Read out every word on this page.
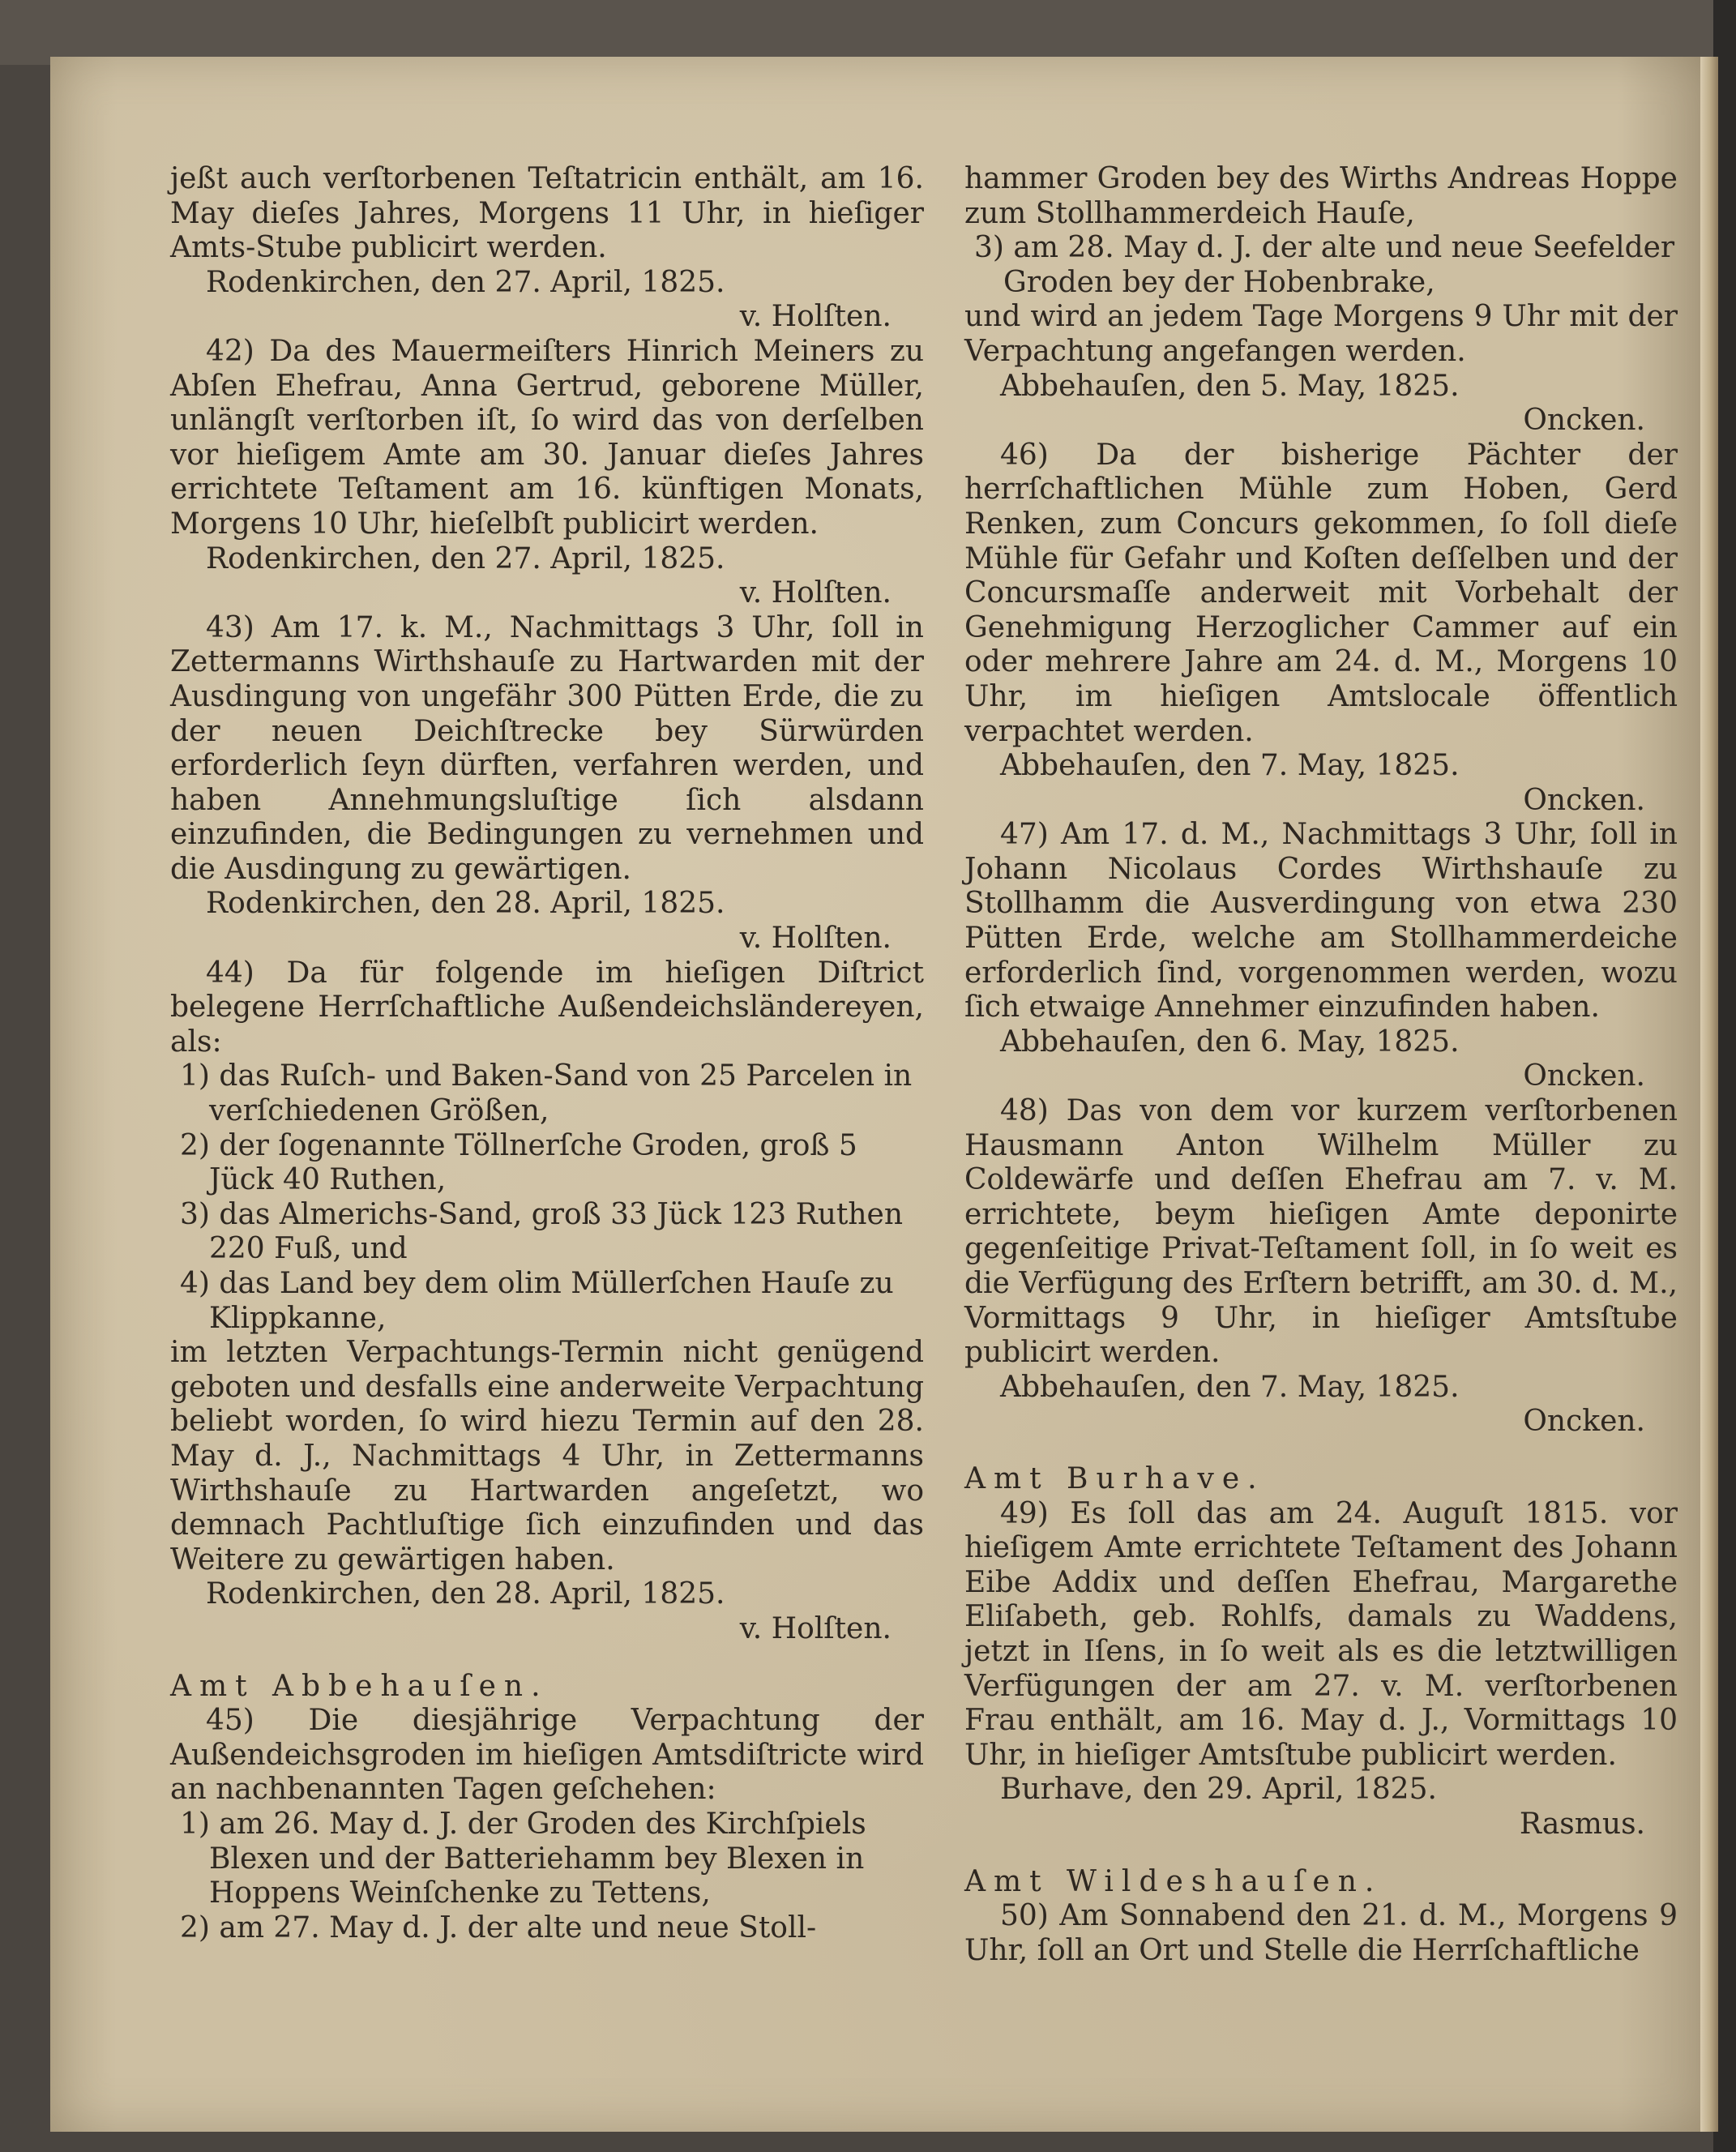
jeßt auch verſtorbenen Teſtatricin enthält, am 16. May dieſes Jahres, Morgens 11 Uhr, in hieſiger Amts-Stube publicirt werden.

Rodenkirchen, den 27. April, 1825.

v. Holſten.

42) Da des Mauermeiſters Hinrich Meiners zu Abſen Ehefrau, Anna Gertrud, geborene Müller, unlängſt verſtorben iſt, ſo wird das von derſelben vor hieſigem Amte am 30. Januar dieſes Jahres errichtete Teſtament am 16. künftigen Monats, Morgens 10 Uhr, hieſelbſt publicirt werden.

Rodenkirchen, den 27. April, 1825.

v. Holſten.

43) Am 17. k. M., Nachmittags 3 Uhr, ſoll in Zettermanns Wirthshauſe zu Hartwarden mit der Ausdingung von ungefähr 300 Pütten Erde, die zu der neuen Deichſtrecke bey Sürwürden erforderlich ſeyn dürften, verfahren werden, und haben Annehmungsluſtige ſich alsdann einzufinden, die Bedingungen zu vernehmen und die Ausdingung zu gewärtigen.

Rodenkirchen, den 28. April, 1825.

v. Holſten.

44) Da für folgende im hieſigen Diſtrict belegene Herrſchaftliche Außendeichsländereyen, als:

1) das Ruſch- und Baken-Sand von 25 Parcelen in verſchiedenen Größen,

2) der ſogenannte Töllnerſche Groden, groß 5 Jück 40 Ruthen,

3) das Almerichs-Sand, groß 33 Jück 123 Ruthen 220 Fuß, und

4) das Land bey dem olim Müllerſchen Hauſe zu Klippkanne,

im letzten Verpachtungs-Termin nicht genügend geboten und desfalls eine anderweite Verpachtung beliebt worden, ſo wird hiezu Termin auf den 28. May d. J., Nachmittags 4 Uhr, in Zettermanns Wirthshauſe zu Hartwarden angeſetzt, wo demnach Pachtluſtige ſich einzufinden und das Weitere zu gewärtigen haben.

Rodenkirchen, den 28. April, 1825.

v. Holſten.

Amt Abbehauſen.

45) Die diesjährige Verpachtung der Außendeichsgroden im hieſigen Amtsdiſtricte wird an nachbenannten Tagen geſchehen:

1) am 26. May d. J. der Groden des Kirchſpiels Blexen und der Batteriehamm bey Blexen in Hoppens Weinſchenke zu Tettens,

2) am 27. May d. J. der alte und neue Stoll-

hammer Groden bey des Wirths Andreas Hoppe zum Stollhammerdeich Hauſe,

3) am 28. May d. J. der alte und neue Seefelder Groden bey der Hobenbrake,

und wird an jedem Tage Morgens 9 Uhr mit der Verpachtung angefangen werden.

Abbehauſen, den 5. May, 1825.

Oncken.

46) Da der bisherige Pächter der herrſchaftlichen Mühle zum Hoben, Gerd Renken, zum Concurs gekommen, ſo ſoll dieſe Mühle für Gefahr und Koſten deſſelben und der Concursmaſſe anderweit mit Vorbehalt der Genehmigung Herzoglicher Cammer auf ein oder mehrere Jahre am 24. d. M., Morgens 10 Uhr, im hieſigen Amtslocale öffentlich verpachtet werden.

Abbehauſen, den 7. May, 1825.

Oncken.

47) Am 17. d. M., Nachmittags 3 Uhr, ſoll in Johann Nicolaus Cordes Wirthshauſe zu Stollhamm die Ausverdingung von etwa 230 Pütten Erde, welche am Stollhammerdeiche erforderlich ſind, vorgenommen werden, wozu ſich etwaige Annehmer einzufinden haben.

Abbehauſen, den 6. May, 1825.

Oncken.

48) Das von dem vor kurzem verſtorbenen Hausmann Anton Wilhelm Müller zu Coldewärfe und deſſen Ehefrau am 7. v. M. errichtete, beym hieſigen Amte deponirte gegenſeitige Privat-Teſtament ſoll, in ſo weit es die Verfügung des Erſtern betrifft, am 30. d. M., Vormittags 9 Uhr, in hieſiger Amtsſtube publicirt werden.

Abbehauſen, den 7. May, 1825.

Oncken.

Amt Burhave.

49) Es ſoll das am 24. Auguſt 1815. vor hieſigem Amte errichtete Teſtament des Johann Eibe Addix und deſſen Ehefrau, Margarethe Eliſabeth, geb. Rohlfs, damals zu Waddens, jetzt in Iſens, in ſo weit als es die letztwilligen Verfügungen der am 27. v. M. verſtorbenen Frau enthält, am 16. May d. J., Vormittags 10 Uhr, in hieſiger Amtsſtube publicirt werden.

Burhave, den 29. April, 1825.

Rasmus.

Amt Wildeshauſen.

50) Am Sonnabend den 21. d. M., Morgens 9 Uhr, ſoll an Ort und Stelle die Herrſchaftliche
